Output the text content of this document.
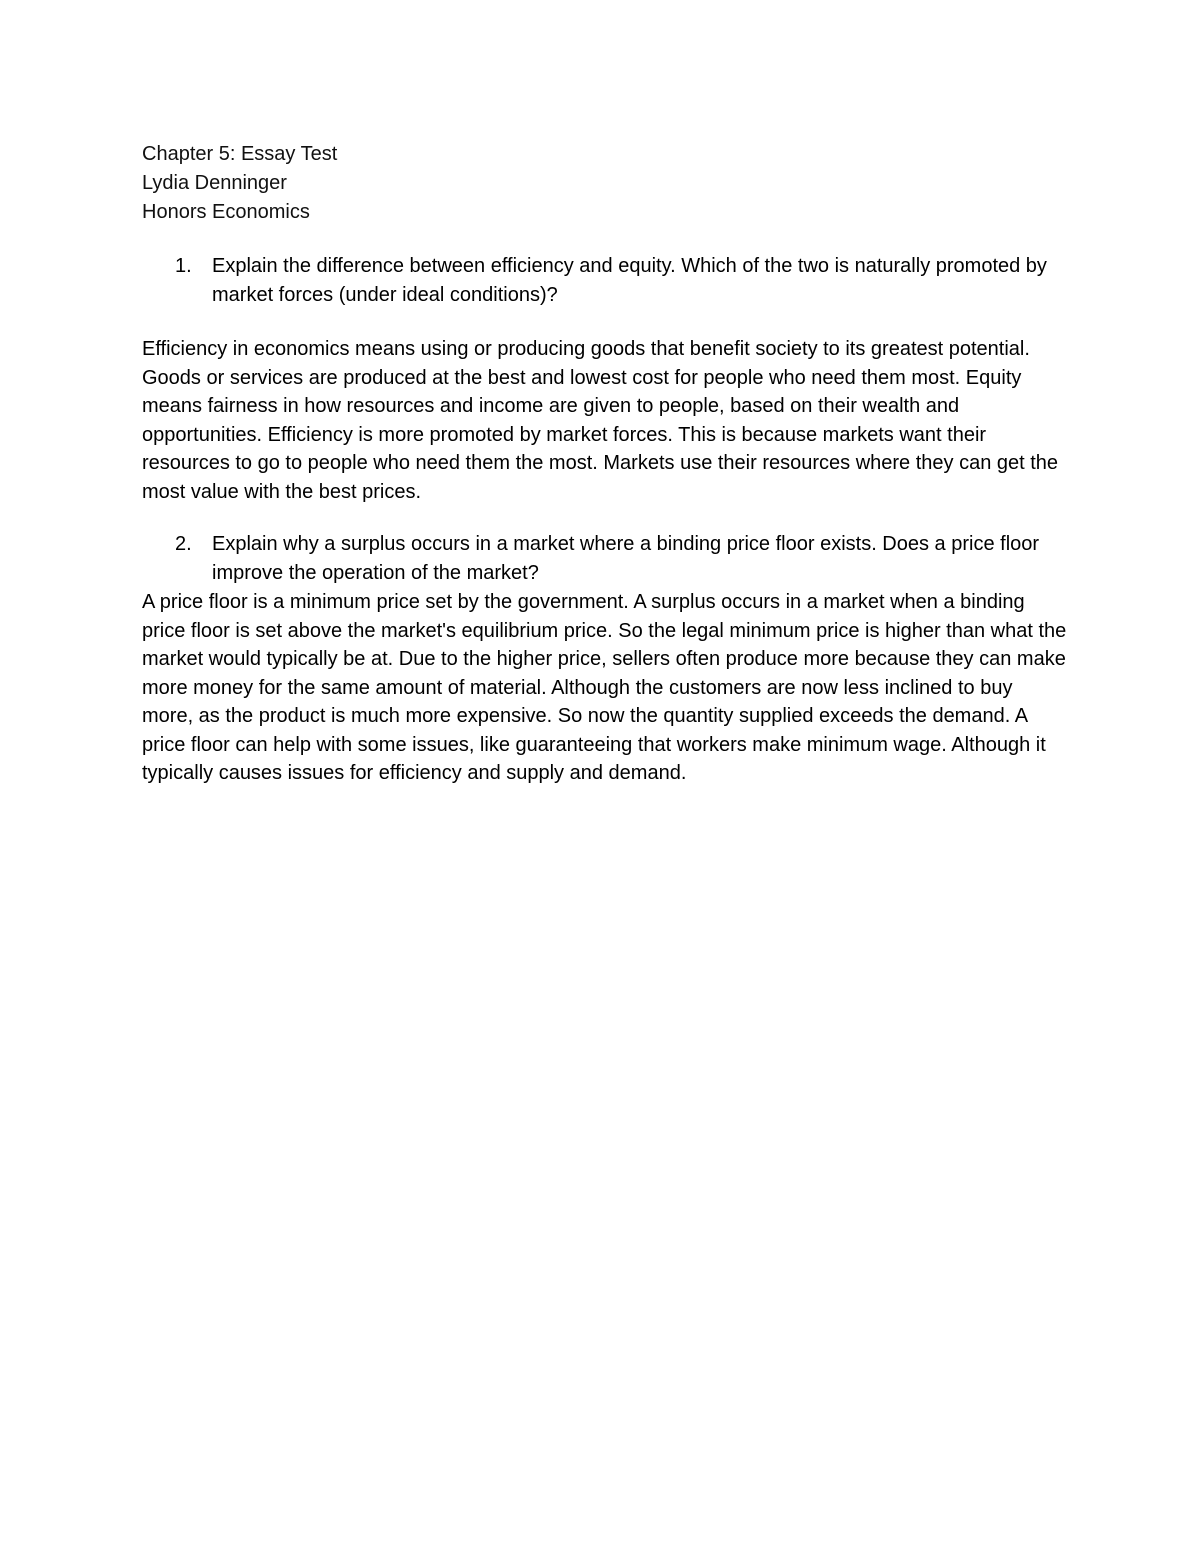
Chapter 5: Essay Test
Lydia Denninger
Honors Economics
1.	Explain the difference between efficiency and equity. Which of the two is naturally promoted by market forces (under ideal conditions)?
Efficiency in economics means using or producing goods that benefit society to its greatest potential. Goods or services are produced at the best and lowest cost for people who need them most. Equity means fairness in how resources and income are given to people, based on their wealth and opportunities. Efficiency is more promoted by market forces. This is because markets want their resources to go to people who need them the most. Markets use their resources where they can get the most value with the best prices.
2.	Explain why a surplus occurs in a market where a binding price floor exists. Does a price floor improve the operation of the market?
A price floor is a minimum price set by the government. A surplus occurs in a market when a binding price floor is set above the market's equilibrium price. So the legal minimum price is higher than what the market would typically be at. Due to the higher price, sellers often produce more because they can make more money for the same amount of material. Although the customers are now less inclined to buy more, as the product is much more expensive. So now the quantity supplied exceeds the demand. A price floor can help with some issues, like guaranteeing that workers make minimum wage. Although it typically causes issues for efficiency and supply and demand.
